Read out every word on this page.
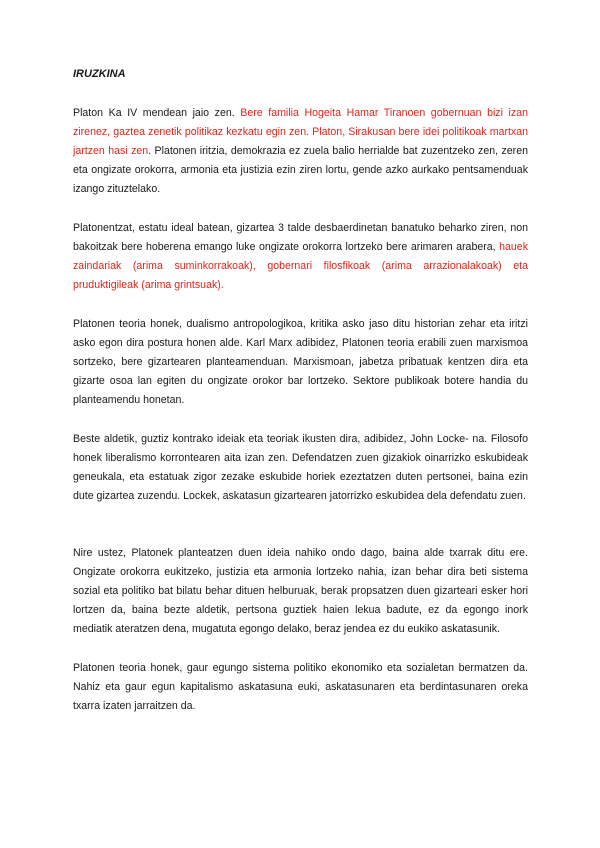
IRUZKINA

Platon Ka IV mendean jaio zen. Bere familia Hogeita Hamar Tiranoen gobernuan bizi izan zirenez, gaztea zenetik politikaz kezkatu egin zen. Platon, Sirakusan bere idei politikoak martxan jartzen hasi zen. Platonen iritzia, demokrazia ez zuela balio herrialde bat zuzentzeko zen, zeren eta ongizate orokorra, armonia eta justizia ezin ziren lortu, gende azko aurkako pentsamenduak izango zituztelako.

Platonentzat, estatu ideal batean, gizartea 3 talde desbaerdinetan banatuko beharko ziren, non bakoitzak bere hoberena emango luke ongizate orokorra lortzeko bere arimaren arabera, hauek zaindariak (arima suminkorrakoak), gobernari filosfikoak (arima arrazionalakoak) eta pruduktigileak (arima grintsuak).

Platonen teoria honek, dualismo antropologikoa, kritika asko jaso ditu historian zehar eta iritzi asko egon dira postura honen alde. Karl Marx adibidez, Platonen teoria erabili zuen marxismoa sortzeko, bere gizartearen planteamenduan. Marxismoan, jabetza pribatuak kentzen dira eta gizarte osoa lan egiten du ongizate orokor bar lortzeko. Sektore publikoak botere handia du planteamendu honetan.

Beste aldetik, guztiz kontrako ideiak eta teoriak ikusten dira, adibidez, John Locke- na. Filosofo honek liberalismo korrontearen aita izan zen. Defendatzen zuen gizakiok oinarrizko eskubideak geneukala, eta estatuak zigor zezake eskubide horiek ezeztatzen duten pertsonei, baina ezin dute gizartea zuzendu. Lockek, askatasun gizartearen jatorrizko eskubidea dela defendatu zuen.

Nire ustez, Platonek planteatzen duen ideia nahiko ondo dago, baina alde txarrak ditu ere. Ongizate orokorra eukitzeko, justizia eta armonia lortzeko nahia, izan behar dira beti sistema sozial eta politiko bat bilatu behar dituen helburuak, berak propsatzen duen gizarteari esker hori lortzen da, baina bezte aldetik, pertsona guztiek haien lekua badute, ez da egongo inork mediatik ateratzen dena, mugatuta egongo delako, beraz jendea ez du eukiko askatasunik.

Platonen teoria honek, gaur egungo sistema politiko ekonomiko eta sozialetan bermatzen da. Nahiz eta gaur egun kapitalismo askatasuna euki, askatasunaren eta berdintasunaren oreka txarra izaten jarraitzen da.
